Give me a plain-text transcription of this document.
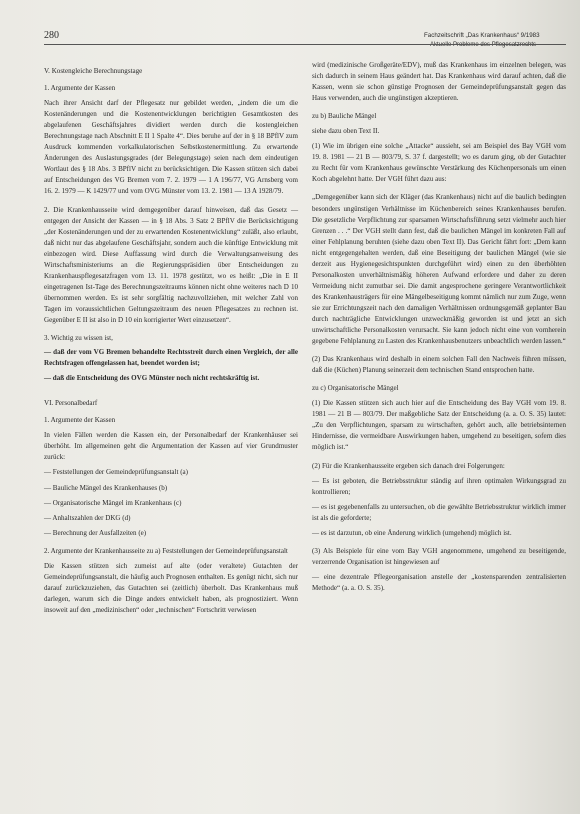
280	Fachzeitschrift „Das Krankenhaus“ 9/1983
Aktuelle Probleme des Pflegesatzrechts

V. Kostengleiche Berechnungstage

1. Argumente der Kassen

Nach ihrer Ansicht darf der Pflegesatz nur gebildet werden, „indem die um die Kostenänderungen und die Kostenentwicklungen berichtigten Gesamtkosten des abgelaufenen Geschäftsjahres dividiert werden durch die kostengleichen Berechnungstage nach Abschnitt E II 1 Spalte 4“. Dies beruhe auf der in § 18 BPflV zum Ausdruck kommenden vorkalkulatorischen Selbstkostenermittlung. Zu erwartende Änderungen des Auslastungsgrades (der Belegungstage) seien nach dem eindeutigen Wortlaut des § 18 Abs. 3 BPflV nicht zu berücksichtigen. Die Kassen stützen sich dabei auf Entscheidungen des VG Bremen vom 7. 2. 1979 — 1 A 196/77, VG Arnsberg vom 16. 2. 1979 — K 1429/77 und vom OVG Münster vom 13. 2. 1981 — 13 A 1928/79.

2. Die Krankenhausseite wird demgegenüber darauf hinweisen, daß das Gesetz — entgegen der Ansicht der Kassen — in § 18 Abs. 3 Satz 2 BPflV die Berücksichtigung „der Kostenänderungen und der zu erwartenden Kostenentwicklung“ zuläßt, also erlaubt, daß nicht nur das abgelaufene Geschäftsjahr, sondern auch die künftige Entwicklung mit einbezogen wird. Diese Auffassung wird durch die Verwaltungsanweisung des Wirtschaftsministeriums an die Regierungspräsidien über Entscheidungen zu Krankenhauspflegesatzfragen vom 13. 11. 1978 gestützt, wo es heißt: „Die in E II eingetragenen Ist-Tage des Berechnungszeitraums können nicht ohne weiteres nach D 10 übernommen werden. Es ist sehr sorgfältig nachzuvollziehen, mit welcher Zahl von Tagen im voraussichtlichen Geltungszeitraum des neuen Pflegesatzes zu rechnen ist. Gegenüber E II ist also in D 10 ein korrigierter Wert einzusetzen“.

3. Wichtig zu wissen ist,

— daß der vom VG Bremen behandelte Rechtsstreit durch einen Vergleich, der alle Rechtsfragen offengelassen hat, beendet worden ist;

— daß die Entscheidung des OVG Münster noch nicht rechtskräftig ist.

VI. Personalbedarf

1. Argumente der Kassen

In vielen Fällen werden die Kassen ein, der Personalbedarf der Krankenhäuser sei überhöht. Im allgemeinen geht die Argumentation der Kassen auf vier Grundmuster zurück:

— Feststellungen der Gemeindeprüfungsanstalt (a)
— Bauliche Mängel des Krankenhauses (b)
— Organisatorische Mängel im Krankenhaus (c)
— Anhaltszahlen der DKG (d)
— Berechnung der Ausfallzeiten (e)

2. Argumente der Krankenhausseite zu a) Feststellungen der Gemeindeprüfungsanstalt

Die Kassen stützen sich zumeist auf alte (oder veraltete) Gutachten der Gemeindeprüfungsanstalt, die häufig auch Prognosen enthalten. Es genügt nicht, sich nur darauf zurückzuziehen, das Gutachten sei (zeitlich) überholt. Das Krankenhaus muß darlegen, warum sich die Dinge anders entwickelt haben, als prognostiziert. Wenn insoweit auf den „medizinischen“ oder „technischen“ Fortschritt verwiesen

wird (medizinische Großgeräte/EDV), muß das Krankenhaus im einzelnen belegen, was sich dadurch in seinem Haus geändert hat. Das Krankenhaus wird darauf achten, daß die Kassen, wenn sie schon günstige Prognosen der Gemeindeprüfungsanstalt gegen das Haus verwenden, auch die ungünstigen akzeptieren.

zu b) Bauliche Mängel

siehe dazu oben Text II.

(1) Wie im übrigen eine solche „Attacke“ aussieht, sei am Beispiel des Bay VGH vom 19. 8. 1981 — 21 B — 803/79, S. 37 f. dargestellt; wo es darum ging, ob der Gutachter zu Recht für vom Krankenhaus gewünschte Verstärkung des Küchenpersonals um einen Koch abgelehnt hatte. Der VGH führt dazu aus:

„Demgegenüber kann sich der Kläger (das Krankenhaus) nicht auf die baulich bedingten besonders ungünstigen Verhältnisse im Küchenbereich seines Krankenhauses berufen. Die gesetzliche Verpflichtung zur sparsamen Wirtschaftsführung setzt vielmehr auch hier Grenzen . . .“ Der VGH stellt dann fest, daß die baulichen Mängel im konkreten Fall auf einer Fehlplanung beruhten (siehe dazu oben Text II). Das Gericht fährt fort: „Dem kann nicht entgegengehalten werden, daß eine Beseitigung der baulichen Mängel (wie sie derzeit aus Hygienegesichtspunkten durchgeführt wird) einen zu den überhöhten Personalkosten unverhältnismäßig höheren Aufwand erfordere und daher zu deren Vermeidung nicht zumutbar sei. Die damit angesprochene geringere Verantwortlichkeit des Krankenhausträgers für eine Mängelbeseitigung kommt nämlich nur zum Zuge, wenn sie zur Errichtungszeit nach den damaligen Verhältnissen ordnungsgemäß geplanter Bau durch nachträgliche Entwicklungen unzweckmäßig geworden ist und jetzt an sich unwirtschaftliche Personalkosten verursacht. Sie kann jedoch nicht eine von vornherein gegebene Fehlplanung zu Lasten des Krankenhausbenutzers unbeachtlich werden lassen.“

(2) Das Krankenhaus wird deshalb in einem solchen Fall den Nachweis führen müssen, daß die (Küchen) Planung seinerzeit dem technischen Stand entsprochen hatte.

zu c) Organisatorische Mängel

(1) Die Kassen stützen sich auch hier auf die Entscheidung des Bay VGH vom 19. 8. 1981 — 21 B — 803/79. Der maßgebliche Satz der Entscheidung (a. a. O. S. 35) lautet: „Zu den Verpflichtungen, sparsam zu wirtschaften, gehört auch, alle betriebsinternen Hindernisse, die vermeidbare Auswirkungen haben, umgehend zu beseitigen, sofern dies möglich ist.“

(2) Für die Krankenhausseite ergeben sich danach drei Folgerungen:

— Es ist geboten, die Betriebsstruktur ständig auf ihren optimalen Wirkungsgrad zu kontrollieren;

— es ist gegebenenfalls zu untersuchen, ob die gewählte Betriebsstruktur wirklich immer ist als die geforderte;

— es ist darzutun, ob eine Änderung wirklich (umgehend) möglich ist.

(3) Als Beispiele für eine vom Bay VGH angenommene, umgehend zu beseitigende, verzerrende Organisation ist hingewiesen auf

— eine dezentrale Pflegeorganisation anstelle der „kostensparenden zentralisierten Methode“ (a. a. O. S. 35).
